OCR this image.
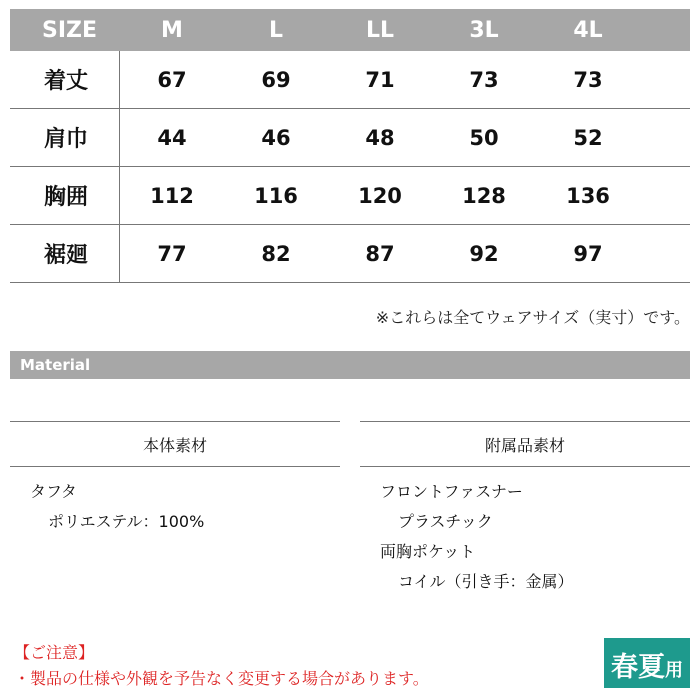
SIZE	M	L	LL	3L	4L
着丈	67	69	71	73	73
肩巾	44	46	48	50	52
胸囲	112	116	120	128	136
裾廻	77	82	87	92	97
※これらは全てウェアサイズ（実寸）です。
Material
本体素材
タフタ
ポリエステル：100%
附属品素材
フロントファスナー
プラスチック
両胸ポケット
コイル（引き手：金属）
【ご注意】
・製品の仕様や外観を予告なく変更する場合があります。	春夏 用
